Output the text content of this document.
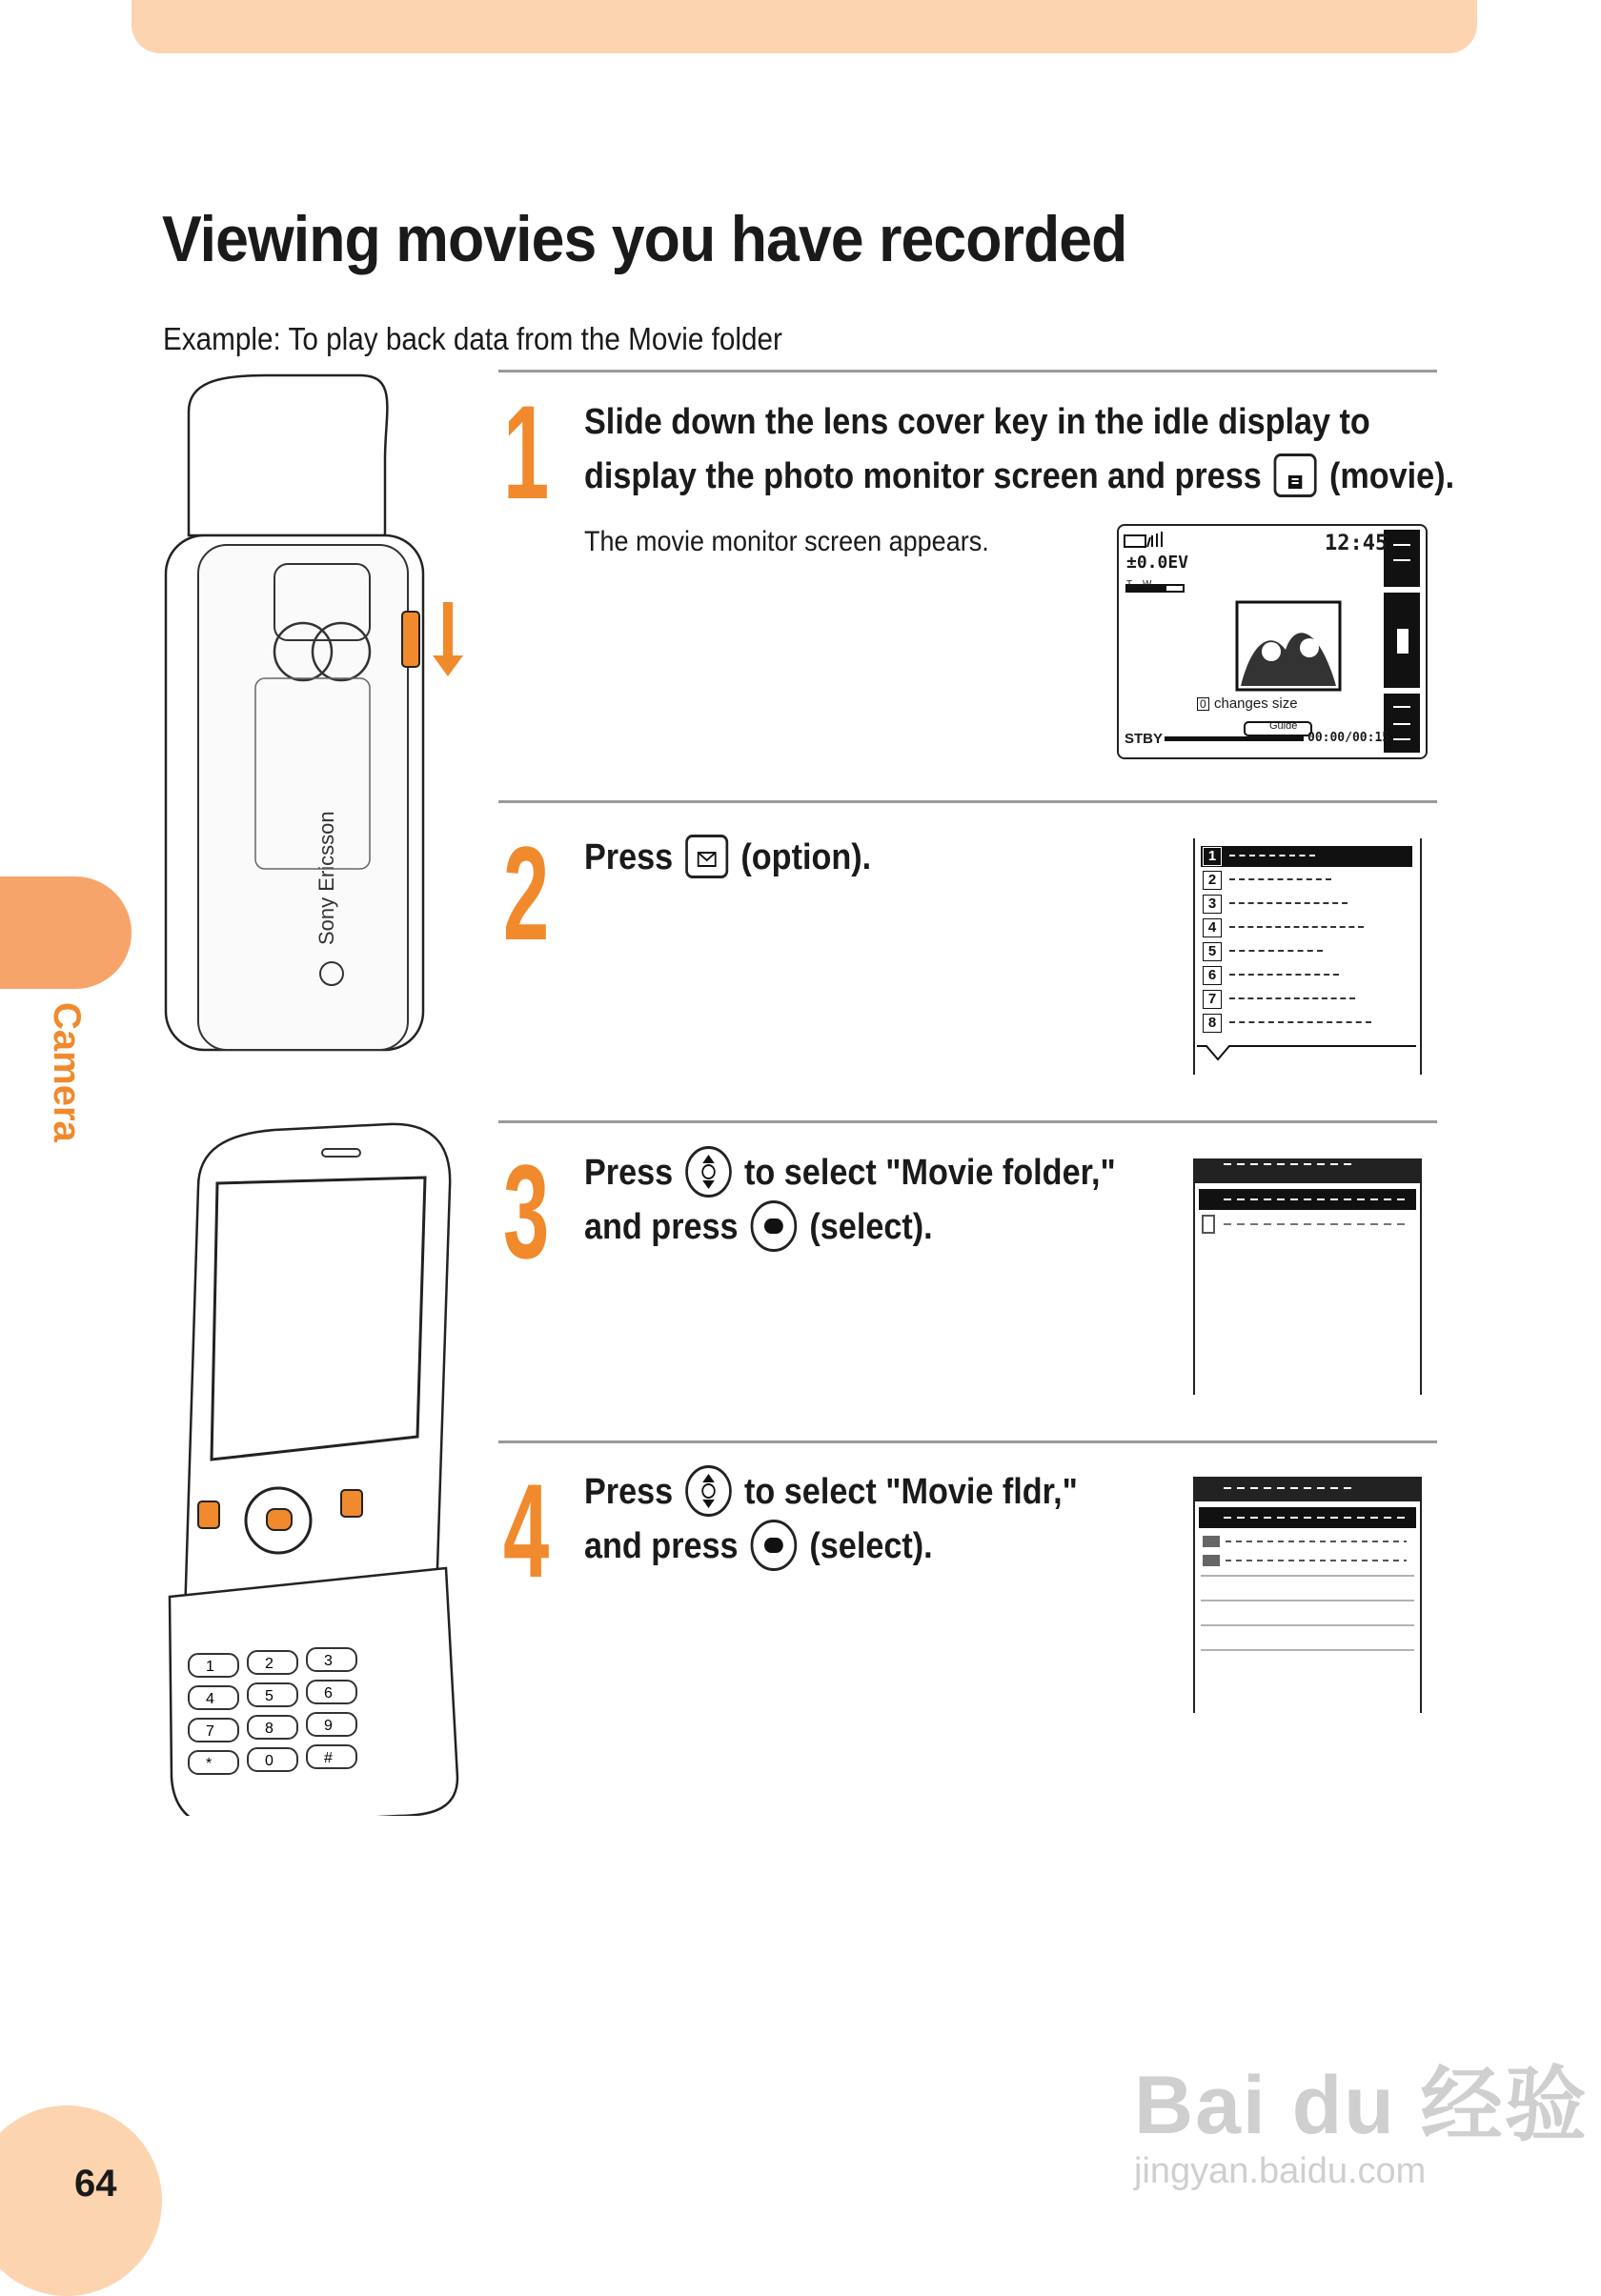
Viewing movies you have recorded
Example: To play back data from the Movie folder
1 Slide down the lens cover key in the idle display to
display the photo monitor screen and press (movie).
The movie monitor screen appears.
±0.0EV
12:45
T    W
0 changes size
Guide
STBY	00:00/00:15
2 Press (option).	1
2
3
4
5
6
7
8
3 Press to select "Movie folder,"
and press (select).
4 Press to select "Movie fldr,"
and press (select).
Sony Ericsson
1	2	3
4	5	6
7	8	9
*	0	#
Camera
64
Bai du 经验
jingyan.baidu.com
